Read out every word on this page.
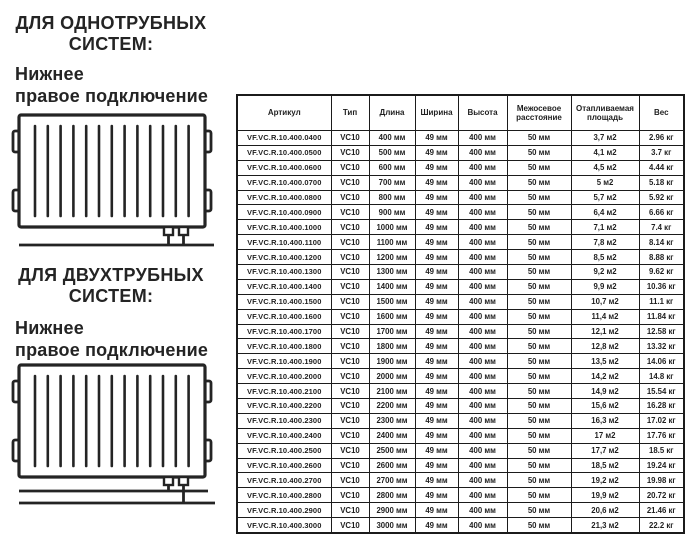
ДЛЯ ОДНОТРУБНЫХ
СИСТЕМ:
Нижнее
правое подключение
ДЛЯ ДВУХТРУБНЫХ
СИСТЕМ:
Нижнее
правое подключение
Артикул	Тип	Длина	Ширина	Высота	Межосевое расстояние	Отапливаемая площадь	Вес
VF.VC.R.10.400.0400	VC10	400 мм	49 мм	400 мм	50 мм	3,7 м2	2.96 кг
VF.VC.R.10.400.0500	VC10	500 мм	49 мм	400 мм	50 мм	4,1 м2	3.7 кг
VF.VC.R.10.400.0600	VC10	600 мм	49 мм	400 мм	50 мм	4,5 м2	4.44 кг
VF.VC.R.10.400.0700	VC10	700 мм	49 мм	400 мм	50 мм	5 м2	5.18 кг
VF.VC.R.10.400.0800	VC10	800 мм	49 мм	400 мм	50 мм	5,7 м2	5.92 кг
VF.VC.R.10.400.0900	VC10	900 мм	49 мм	400 мм	50 мм	6,4 м2	6.66 кг
VF.VC.R.10.400.1000	VC10	1000 мм	49 мм	400 мм	50 мм	7,1 м2	7.4 кг
VF.VC.R.10.400.1100	VC10	1100 мм	49 мм	400 мм	50 мм	7,8 м2	8.14 кг
VF.VC.R.10.400.1200	VC10	1200 мм	49 мм	400 мм	50 мм	8,5 м2	8.88 кг
VF.VC.R.10.400.1300	VC10	1300 мм	49 мм	400 мм	50 мм	9,2 м2	9.62 кг
VF.VC.R.10.400.1400	VC10	1400 мм	49 мм	400 мм	50 мм	9,9 м2	10.36 кг
VF.VC.R.10.400.1500	VC10	1500 мм	49 мм	400 мм	50 мм	10,7 м2	11.1 кг
VF.VC.R.10.400.1600	VC10	1600 мм	49 мм	400 мм	50 мм	11,4 м2	11.84 кг
VF.VC.R.10.400.1700	VC10	1700 мм	49 мм	400 мм	50 мм	12,1 м2	12.58 кг
VF.VC.R.10.400.1800	VC10	1800 мм	49 мм	400 мм	50 мм	12,8 м2	13.32 кг
VF.VC.R.10.400.1900	VC10	1900 мм	49 мм	400 мм	50 мм	13,5 м2	14.06 кг
VF.VC.R.10.400.2000	VC10	2000 мм	49 мм	400 мм	50 мм	14,2 м2	14.8 кг
VF.VC.R.10.400.2100	VC10	2100 мм	49 мм	400 мм	50 мм	14,9 м2	15.54 кг
VF.VC.R.10.400.2200	VC10	2200 мм	49 мм	400 мм	50 мм	15,6 м2	16.28 кг
VF.VC.R.10.400.2300	VC10	2300 мм	49 мм	400 мм	50 мм	16,3 м2	17.02 кг
VF.VC.R.10.400.2400	VC10	2400 мм	49 мм	400 мм	50 мм	17 м2	17.76 кг
VF.VC.R.10.400.2500	VC10	2500 мм	49 мм	400 мм	50 мм	17,7 м2	18.5 кг
VF.VC.R.10.400.2600	VC10	2600 мм	49 мм	400 мм	50 мм	18,5 м2	19.24 кг
VF.VC.R.10.400.2700	VC10	2700 мм	49 мм	400 мм	50 мм	19,2 м2	19.98 кг
VF.VC.R.10.400.2800	VC10	2800 мм	49 мм	400 мм	50 мм	19,9 м2	20.72 кг
VF.VC.R.10.400.2900	VC10	2900 мм	49 мм	400 мм	50 мм	20,6 м2	21.46 кг
VF.VC.R.10.400.3000	VC10	3000 мм	49 мм	400 мм	50 мм	21,3 м2	22.2 кг
